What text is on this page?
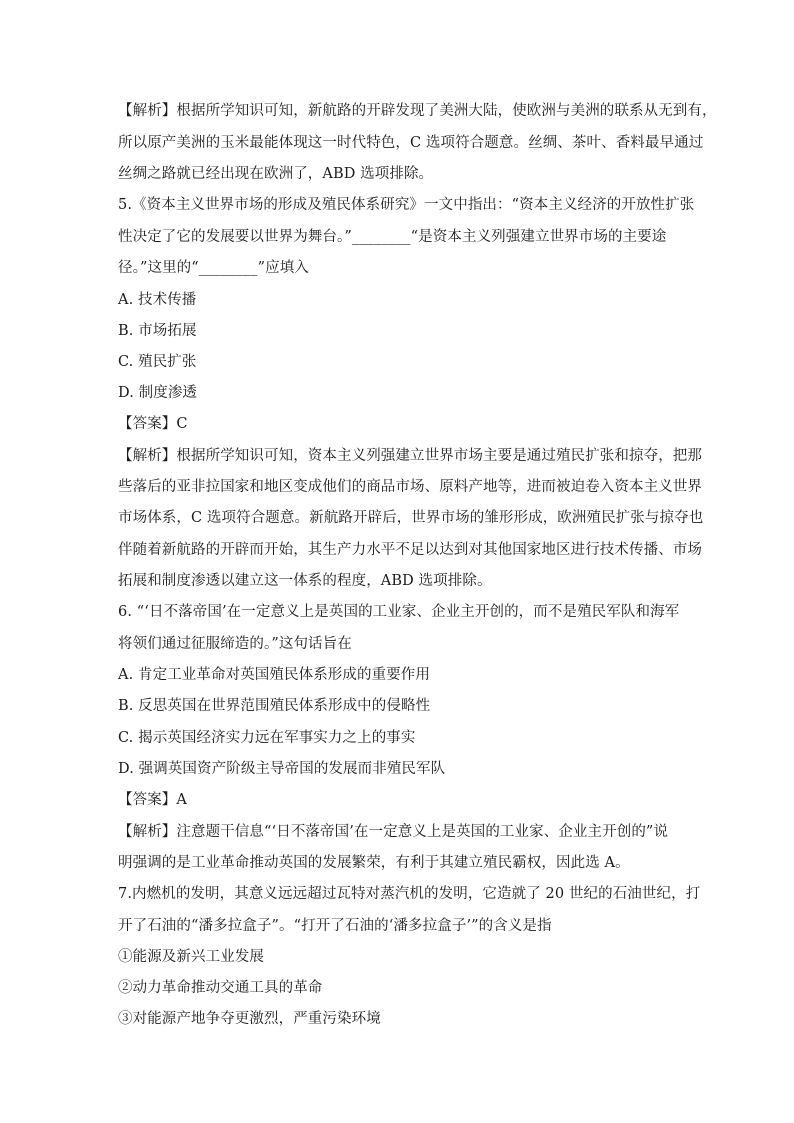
【解析】根据所学知识可知，新航路的开辟发现了美洲大陆，使欧洲与美洲的联系从无到有，
所以原产美洲的玉米最能体现这一时代特色，C 选项符合题意。丝绸、茶叶、香料最早通过
丝绸之路就已经出现在欧洲了，ABD 选项排除。
5.《资本主义世界市场的形成及殖民体系研究》一文中指出：“资本主义经济的开放性扩张
性决定了它的发展要以世界为舞台。”________“是资本主义列强建立世界市场的主要途
径。”这里的“________”应填入
A. 技术传播
B. 市场拓展
C. 殖民扩张
D. 制度渗透
【答案】C
【解析】根据所学知识可知，资本主义列强建立世界市场主要是通过殖民扩张和掠夺，把那
些落后的亚非拉国家和地区变成他们的商品市场、原料产地等，进而被迫卷入资本主义世界
市场体系，C 选项符合题意。新航路开辟后，世界市场的雏形形成，欧洲殖民扩张与掠夺也
伴随着新航路的开辟而开始，其生产力水平不足以达到对其他国家地区进行技术传播、市场
拓展和制度渗透以建立这一体系的程度，ABD 选项排除。
6. “‘日不落帝国’在一定意义上是英国的工业家、企业主开创的，而不是殖民军队和海军
将领们通过征服缔造的。”这句话旨在
A. 肯定工业革命对英国殖民体系形成的重要作用
B. 反思英国在世界范围殖民体系形成中的侵略性
C. 揭示英国经济实力远在军事实力之上的事实
D. 强调英国资产阶级主导帝国的发展而非殖民军队
【答案】A
【解析】注意题干信息“‘日不落帝国’在一定意义上是英国的工业家、企业主开创的”说
明强调的是工业革命推动英国的发展繁荣，有利于其建立殖民霸权，因此选 A。
7.内燃机的发明，其意义远远超过瓦特对蒸汽机的发明，它造就了 20 世纪的石油世纪，打
开了石油的“潘多拉盒子”。“打开了石油的‘潘多拉盒子’”的含义是指
①能源及新兴工业发展
②动力革命推动交通工具的革命
③对能源产地争夺更激烈，严重污染环境
